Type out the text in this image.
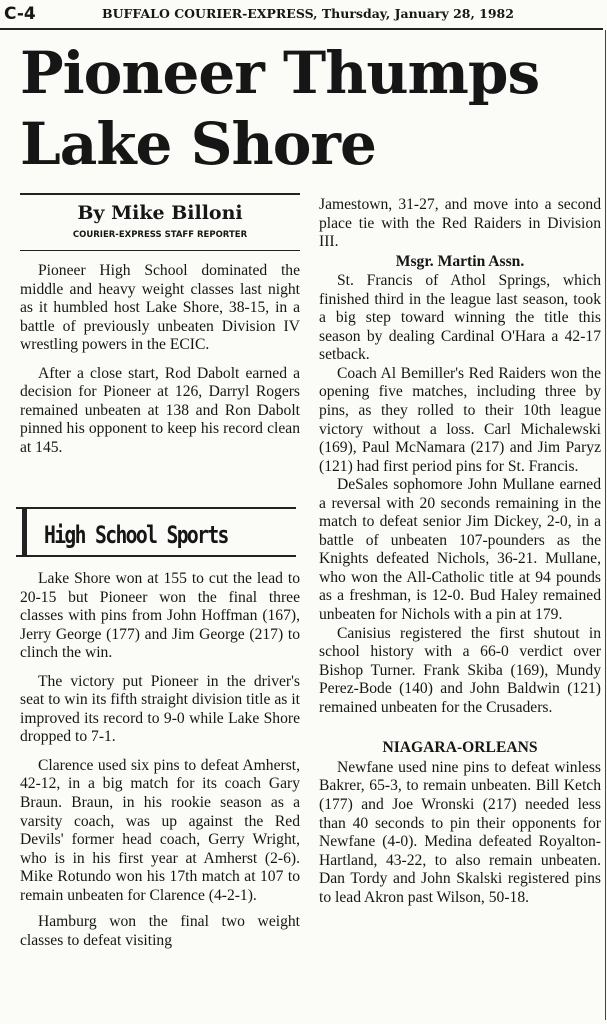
C-4	BUFFALO COURIER-EXPRESS, Thursday, January 28, 1982
Pioneer Thumps Lake Shore
By Mike Billoni
COURIER-EXPRESS STAFF REPORTER

Pioneer High School dominated the middle and heavy weight classes last night as it humbled host Lake Shore, 38-15, in a battle of previously unbeaten Division IV wrestling powers in the ECIC.

After a close start, Rod Dabolt earned a decision for Pioneer at 126, Darryl Rogers remained unbeaten at 138 and Ron Dabolt pinned his opponent to keep his record clean at 145.

High School Sports

Lake Shore won at 155 to cut the lead to 20-15 but Pioneer won the final three classes with pins from John Hoffman (167), Jerry George (177) and Jim George (217) to clinch the win.

The victory put Pioneer in the driver's seat to win its fifth straight division title as it improved its record to 9-0 while Lake Shore dropped to 7-1.

Clarence used six pins to defeat Amherst, 42-12, in a big match for its coach Gary Braun. Braun, in his rookie season as a varsity coach, was up against the Red Devils' former head coach, Gerry Wright, who is in his first year at Amherst (2-6). Mike Rotundo won his 17th match at 107 to remain unbeaten for Clarence (4-2-1).

Hamburg won the final two weight classes to defeat visiting

Jamestown, 31-27, and move into a second place tie with the Red Raiders in Division III.

Msgr. Martin Assn.

St. Francis of Athol Springs, which finished third in the league last season, took a big step toward winning the title this season by dealing Cardinal O'Hara a 42-17 setback.

Coach Al Bemiller's Red Raiders won the opening five matches, including three by pins, as they rolled to their 10th league victory without a loss. Carl Michalewski (169), Paul McNamara (217) and Jim Paryz (121) had first period pins for St. Francis.

DeSales sophomore John Mullane earned a reversal with 20 seconds remaining in the match to defeat senior Jim Dickey, 2-0, in a battle of unbeaten 107-pounders as the Knights defeated Nichols, 36-21. Mullane, who won the All-Catholic title at 94 pounds as a freshman, is 12-0. Bud Haley remained unbeaten for Nichols with a pin at 179.

Canisius registered the first shutout in school history with a 66-0 verdict over Bishop Turner. Frank Skiba (169), Mundy Perez-Bode (140) and John Baldwin (121) remained unbeaten for the Crusaders.

NIAGARA-ORLEANS

Newfane used nine pins to defeat winless Bakrer, 65-3, to remain unbeaten. Bill Ketch (177) and Joe Wronski (217) needed less than 40 seconds to pin their opponents for Newfane (4-0). Medina defeated Royalton-Hartland, 43-22, to also remain unbeaten. Dan Tordy and John Skalski registered pins to lead Akron past Wilson, 50-18.
